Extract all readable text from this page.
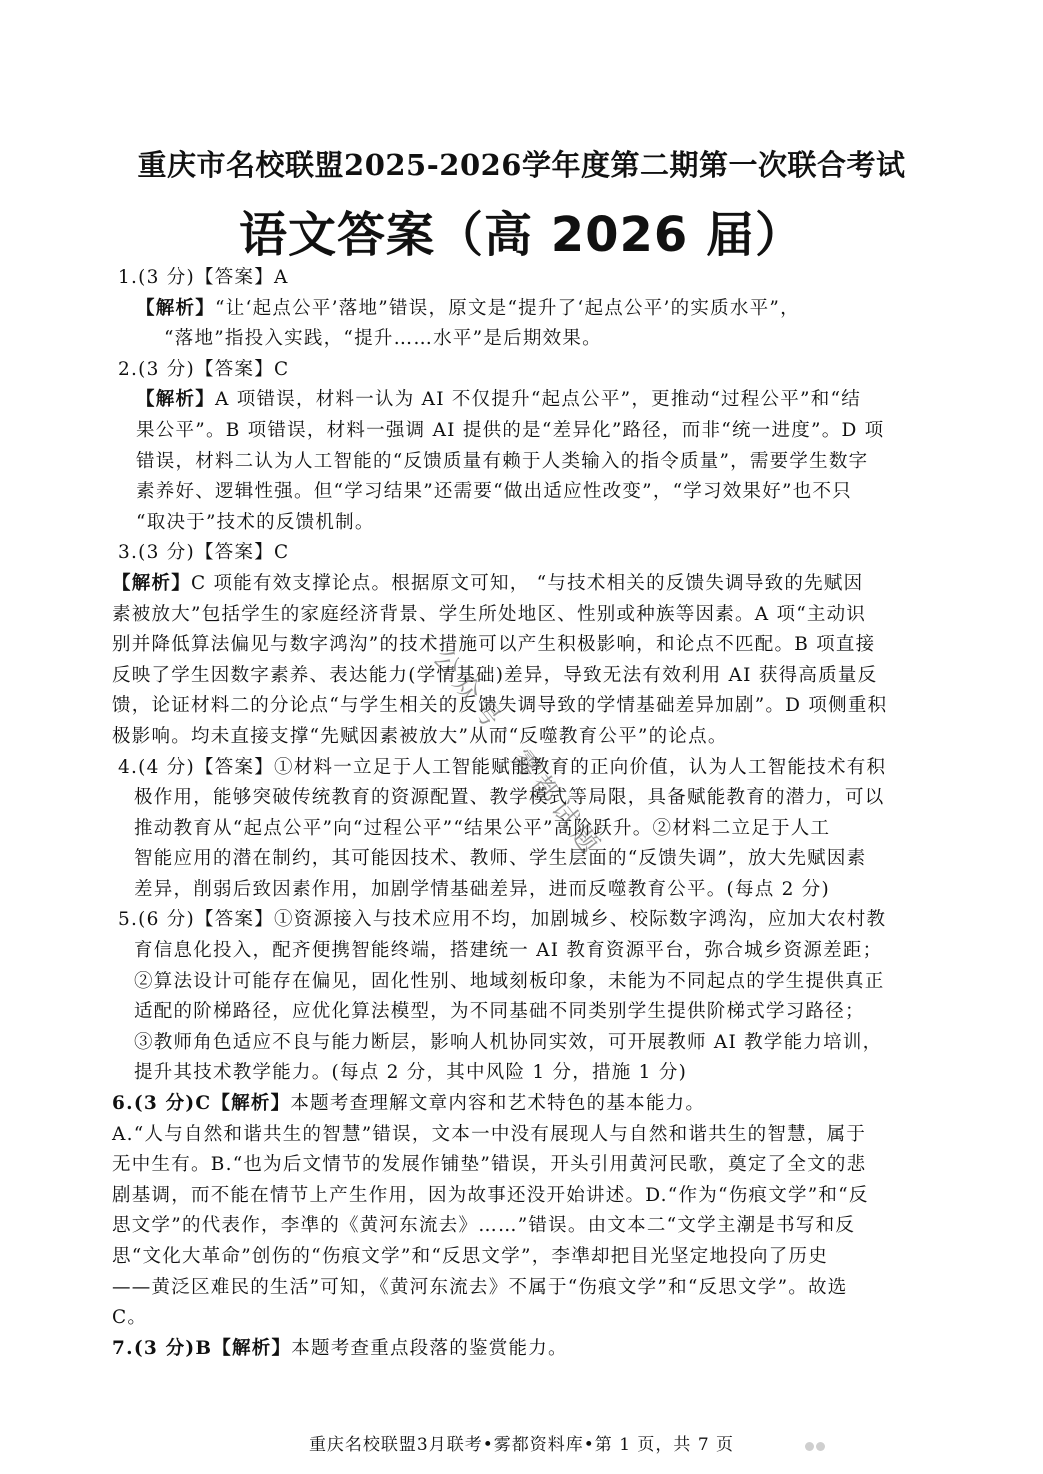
重庆市名校联盟2025-2026学年度第二期第一次联合考试
语文答案（高 2026 届）
1.(3 分)【答案】A
【解析】“让‘起点公平’落地”错误，原文是“提升了‘起点公平’的实质水平”，
“落地”指投入实践，“提升……水平”是后期效果。
2.(3 分)【答案】C
【解析】A 项错误，材料一认为 AI 不仅提升“起点公平”，更推动“过程公平”和“结
果公平”。B 项错误，材料一强调 AI 提供的是“差异化”路径，而非“统一进度”。D 项
错误，材料二认为人工智能的“反馈质量有赖于人类输入的指令质量”，需要学生数字
素养好、逻辑性强。但“学习结果”还需要“做出适应性改变”，“学习效果好”也不只
“取决于”技术的反馈机制。
3.(3 分)【答案】C
【解析】C 项能有效支撑论点。根据原文可知， “与技术相关的反馈失调导致的先赋因
素被放大”包括学生的家庭经济背景、学生所处地区、性别或种族等因素。A 项“主动识
别并降低算法偏见与数字鸿沟”的技术措施可以产生积极影响，和论点不匹配。B 项直接
反映了学生因数字素养、表达能力(学情基础)差异，导致无法有效利用 AI 获得高质量反
馈，论证材料二的分论点“与学生相关的反馈失调导致的学情基础差异加剧”。D 项侧重积
极影响。均未直接支撑“先赋因素被放大”从而“反噬教育公平”的论点。
4.(4 分)【答案】①材料一立足于人工智能赋能教育的正向价值，认为人工智能技术有积
极作用，能够突破传统教育的资源配置、教学模式等局限，具备赋能教育的潜力，可以
推动教育从“起点公平”向“过程公平”“结果公平”高阶跃升。②材料二立足于人工
智能应用的潜在制约，其可能因技术、教师、学生层面的“反馈失调”，放大先赋因素
差异，削弱后致因素作用，加剧学情基础差异，进而反噬教育公平。(每点 2 分)
5.(6 分)【答案】①资源接入与技术应用不均，加剧城乡、校际数字鸿沟，应加大农村教
育信息化投入，配齐便携智能终端，搭建统一 AI 教育资源平台，弥合城乡资源差距；
②算法设计可能存在偏见，固化性别、地域刻板印象，未能为不同起点的学生提供真正
适配的阶梯路径，应优化算法模型，为不同基础不同类别学生提供阶梯式学习路径；
③教师角色适应不良与能力断层，影响人机协同实效，可开展教师 AI 教学能力培训，
提升其技术教学能力。(每点 2 分，其中风险 1 分，措施 1 分)
6.(3 分)C【解析】本题考查理解文章内容和艺术特色的基本能力。
A.“人与自然和谐共生的智慧”错误，文本一中没有展现人与自然和谐共生的智慧，属于
无中生有。B.“也为后文情节的发展作铺垫”错误，开头引用黄河民歌，奠定了全文的悲
剧基调，而不能在情节上产生作用，因为故事还没开始讲述。D.“作为“伤痕文学”和“反
思文学”的代表作，李凖的《黄河东流去》……”错误。由文本二“文学主潮是书写和反
思“文化大革命”创伤的“伤痕文学”和“反思文学”，李凖却把目光坚定地投向了历史
——黄泛区难民的生活”可知，《黄河东流去》不属于“伤痕文学”和“反思文学”。故选
C。
7.(3 分)B【解析】本题考查重点段落的鉴赏能力。
公众号：雾都试题
重庆名校联盟3月联考•雾都资料库•第 1 页，共 7 页
